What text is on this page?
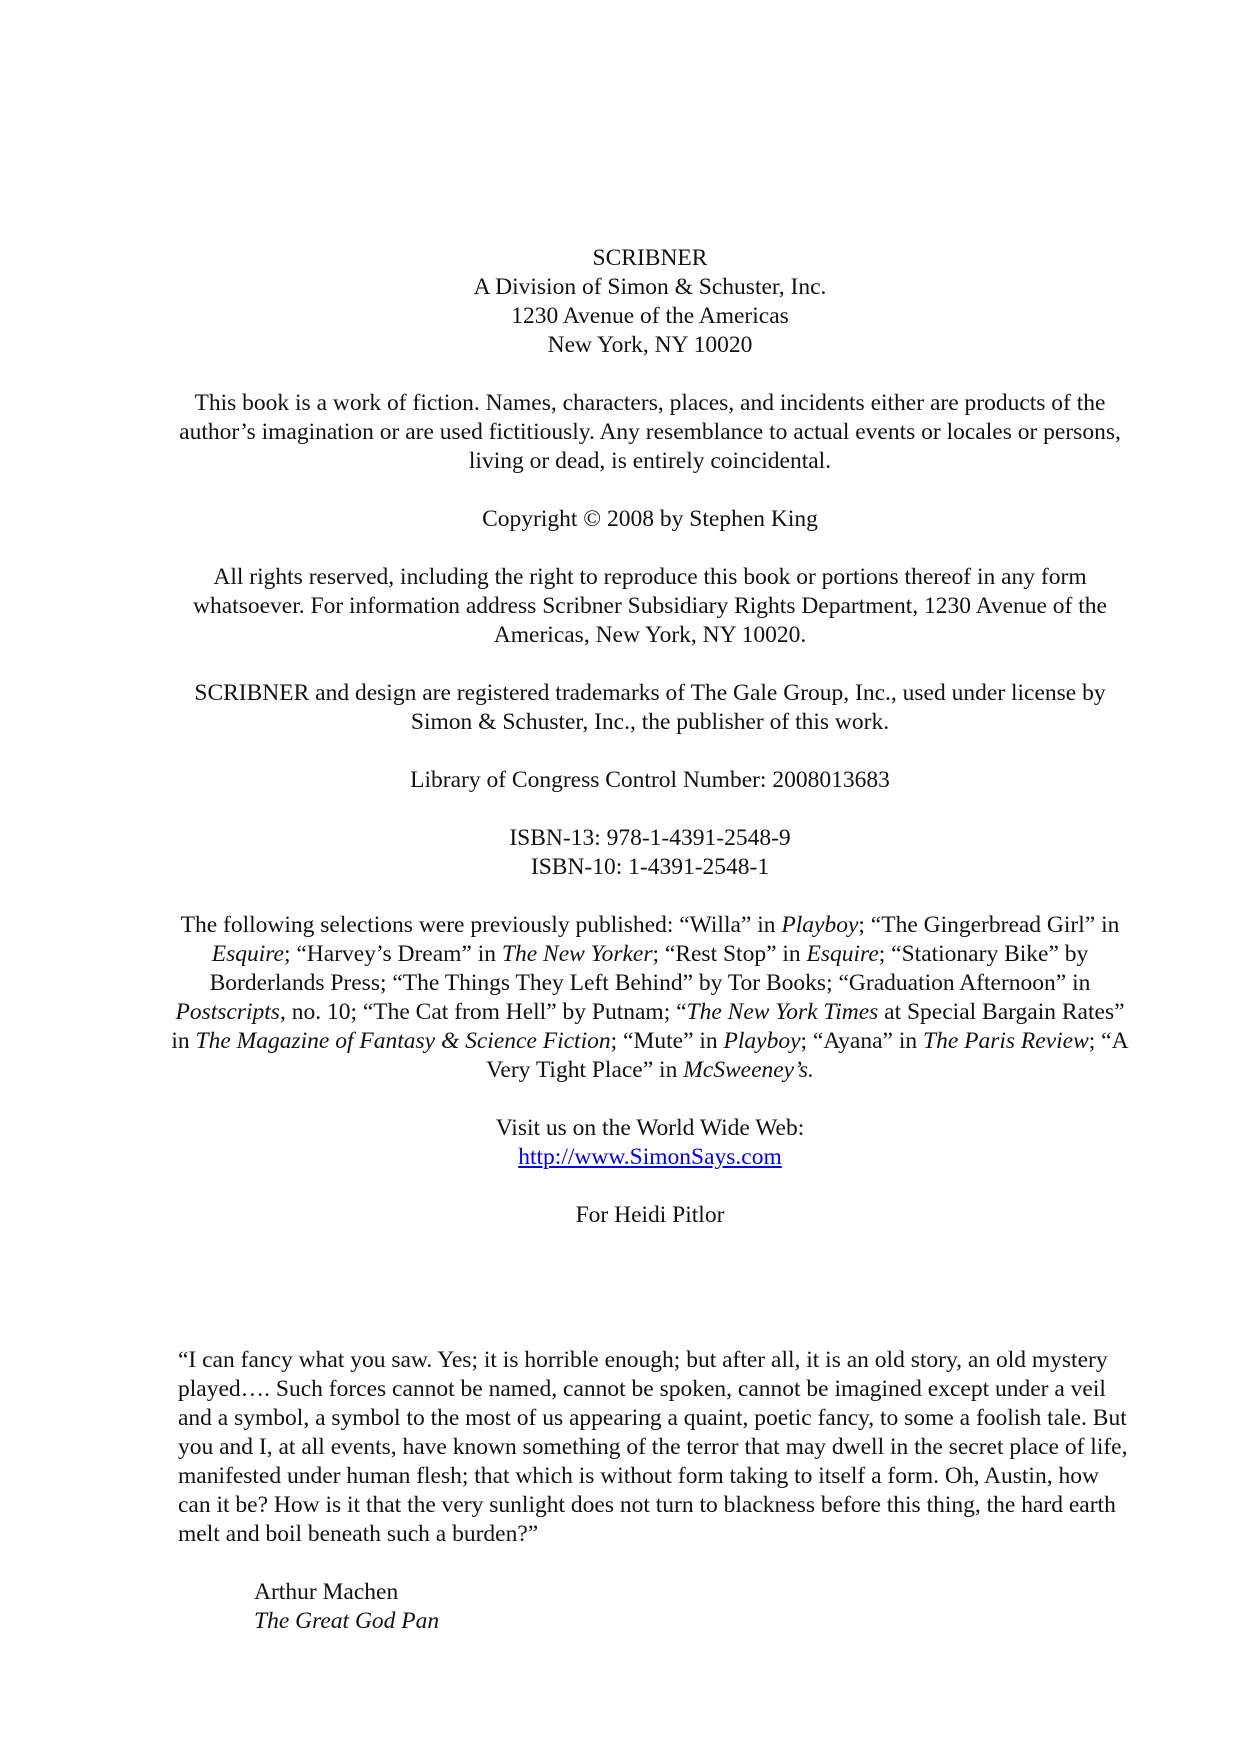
SCRIBNER
A Division of Simon & Schuster, Inc.
1230 Avenue of the Americas
New York, NY 10020

This book is a work of fiction. Names, characters, places, and incidents either are products of the author’s imagination or are used fictitiously. Any resemblance to actual events or locales or persons, living or dead, is entirely coincidental.

Copyright © 2008 by Stephen King

All rights reserved, including the right to reproduce this book or portions thereof in any form whatsoever. For information address Scribner Subsidiary Rights Department, 1230 Avenue of the Americas, New York, NY 10020.

SCRIBNER and design are registered trademarks of The Gale Group, Inc., used under license by Simon & Schuster, Inc., the publisher of this work.

Library of Congress Control Number: 2008013683

ISBN-13: 978-1-4391-2548-9
ISBN-10: 1-4391-2548-1

The following selections were previously published: “Willa” in Playboy; “The Gingerbread Girl” in Esquire; “Harvey’s Dream” in The New Yorker; “Rest Stop” in Esquire; “Stationary Bike” by Borderlands Press; “The Things They Left Behind” by Tor Books; “Graduation Afternoon” in Postscripts, no. 10; “The Cat from Hell” by Putnam; “The New York Times at Special Bargain Rates” in The Magazine of Fantasy & Science Fiction; “Mute” in Playboy; “Ayana” in The Paris Review; “A Very Tight Place” in McSweeney’s.

Visit us on the World Wide Web:
http://www.SimonSays.com

For Heidi Pitlor

“I can fancy what you saw. Yes; it is horrible enough; but after all, it is an old story, an old mystery played…. Such forces cannot be named, cannot be spoken, cannot be imagined except under a veil and a symbol, a symbol to the most of us appearing a quaint, poetic fancy, to some a foolish tale. But you and I, at all events, have known something of the terror that may dwell in the secret place of life, manifested under human flesh; that which is without form taking to itself a form. Oh, Austin, how can it be? How is it that the very sunlight does not turn to blackness before this thing, the hard earth melt and boil beneath such a burden?”

Arthur Machen
The Great God Pan
